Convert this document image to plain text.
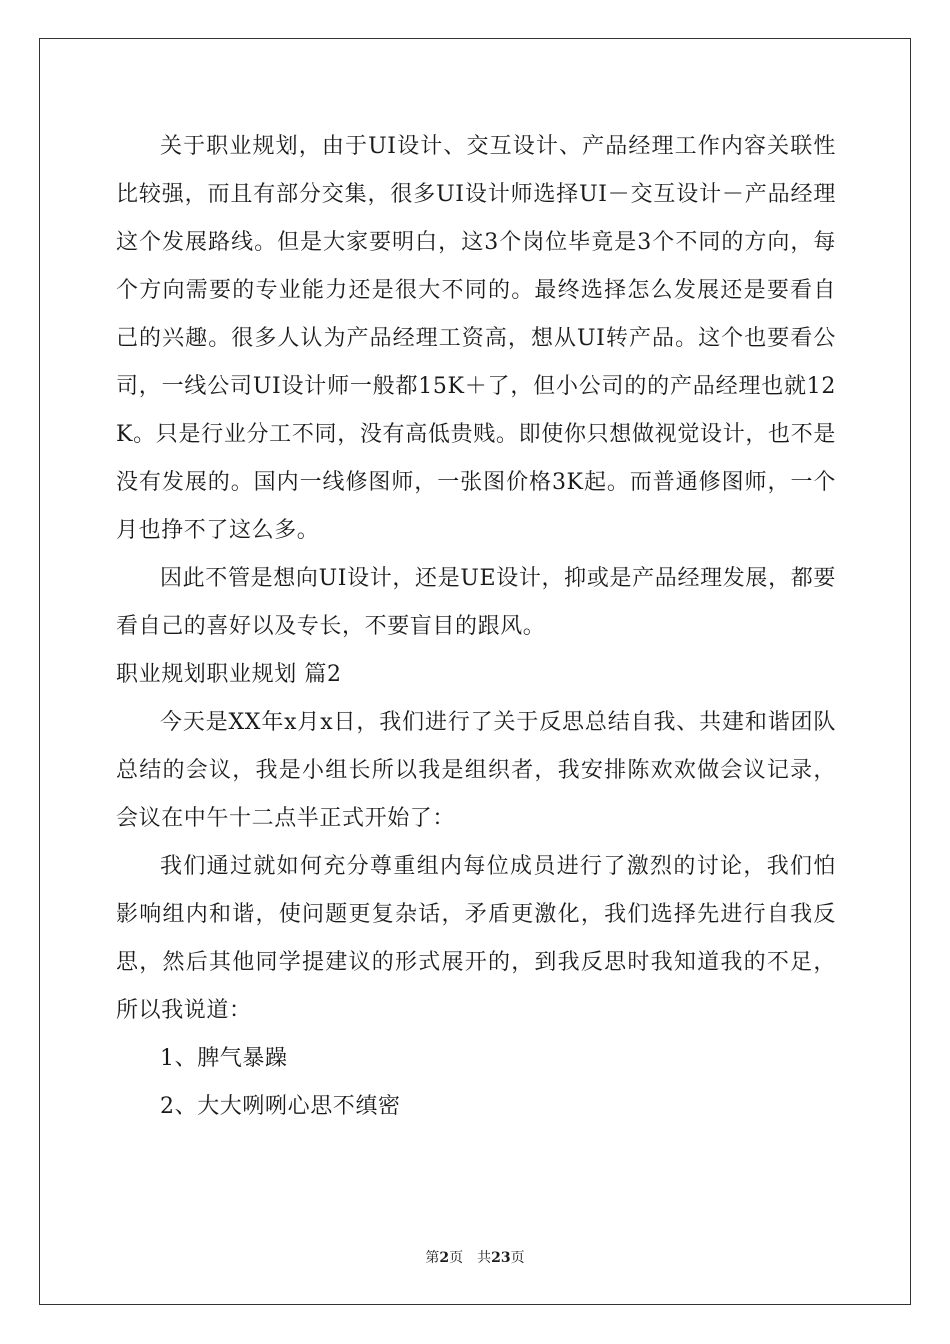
关于职业规划，由于UI设计、交互设计、产品经理工作内容关联性比较强，而且有部分交集，很多UI设计师选择UI－交互设计－产品经理这个发展路线。但是大家要明白，这3个岗位毕竟是3个不同的方向，每个方向需要的专业能力还是很大不同的。最终选择怎么发展还是要看自己的兴趣。很多人认为产品经理工资高，想从UI转产品。这个也要看公司，一线公司UI设计师一般都15K＋了，但小公司的的产品经理也就12K。只是行业分工不同，没有高低贵贱。即使你只想做视觉设计，也不是没有发展的。国内一线修图师，一张图价格3K起。而普通修图师，一个月也挣不了这么多。

因此不管是想向UI设计，还是UE设计，抑或是产品经理发展，都要看自己的喜好以及专长，不要盲目的跟风。

职业规划职业规划 篇2

今天是XX年x月x日，我们进行了关于反思总结自我、共建和谐团队总结的会议，我是小组长所以我是组织者，我安排陈欢欢做会议记录，会议在中午十二点半正式开始了：

我们通过就如何充分尊重组内每位成员进行了激烈的讨论，我们怕影响组内和谐，使问题更复杂话，矛盾更激化，我们选择先进行自我反思，然后其他同学提建议的形式展开的，到我反思时我知道我的不足，所以我说道：

1、脾气暴躁

2、大大咧咧心思不缜密

第2页 共23页
